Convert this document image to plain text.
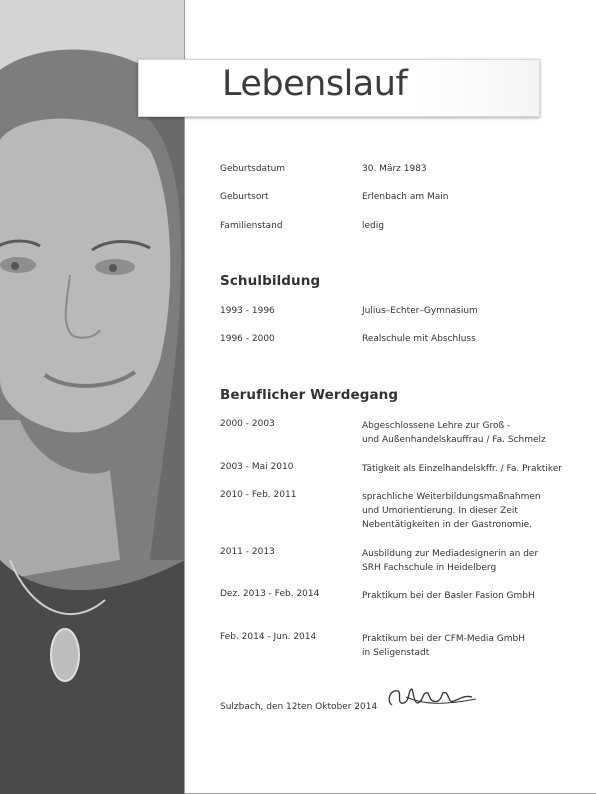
Lebenslauf
Geburtsdatum	30. März 1983
Geburtsort	Erlenbach am Main
Familienstand	ledig
Schulbildung
1993 - 1996	Julius–Echter–Gymnasium
1996 - 2000	Realschule mit Abschluss
Beruflicher Werdegang
2000 - 2003	Abgeschlossene Lehre zur Groß -
und Außenhandelskauffrau / Fa. Schmelz
2003 - Mai 2010	Tätigkeit als Einzelhandelskffr. / Fa. Praktiker
2010 - Feb. 2011	sprachliche Weiterbildungsmaßnahmen
und Umorientierung. In dieser Zeit
Nebentätigkeiten in der Gastronomie.
2011 - 2013	Ausbildung zur Mediadesignerin an der
SRH Fachschule in Heidelberg
Dez. 2013 - Feb. 2014	Praktikum bei der Basler Fasion GmbH
Feb. 2014 - Jun. 2014	Praktikum bei der CFM-Media GmbH
in Seligenstadt
Sulzbach, den 12ten Oktober 2014
